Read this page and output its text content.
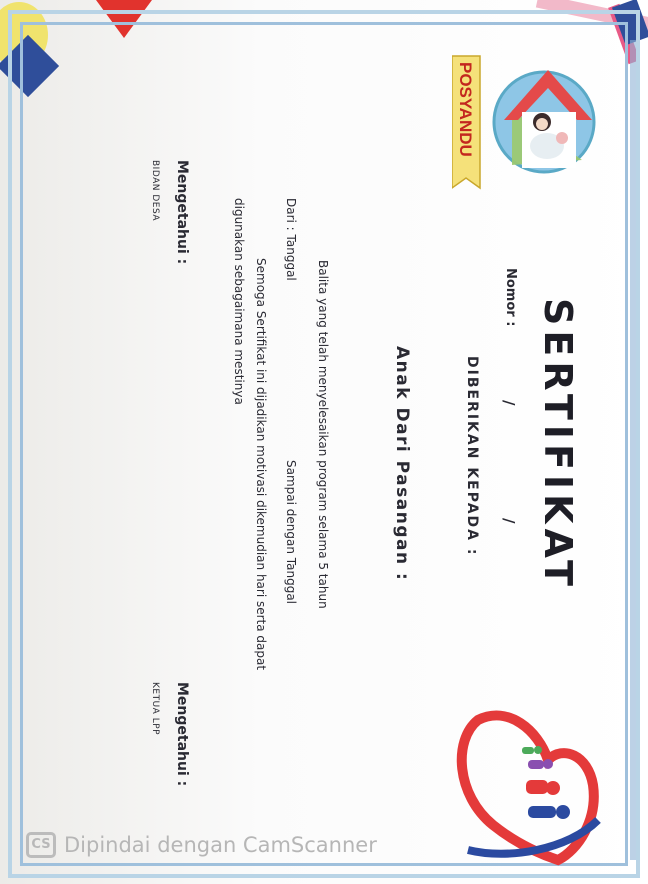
POSYANDU
SERTIFIKAT
Nomor :
/
/
DIBERIKAN KEPADA :
Anak Dari Pasangan :
Balita yang telah menyelesaikan program selama 5 tahun
Dari : Tanggal
Sampai dengan Tanggal
Semoga Sertifikat ini dijadikan motivasi dikemudian hari serta dapat
digunakan sebagaimana mestinya
Mengetahui :
BIDAN DESA
Mengetahui :
KETUA LPP
CS Dipindai dengan CamScanner
